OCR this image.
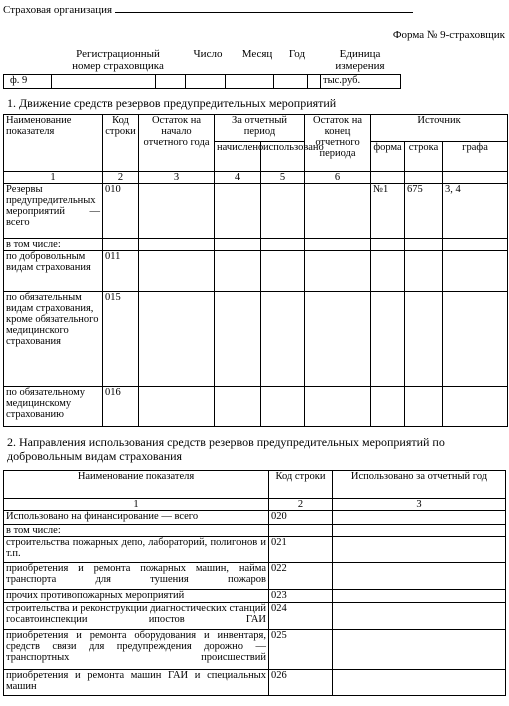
Страховая организация
Форма № 9-страховщик
Регистрационный номер страховщика
Число	Месяц	Год	Единица измерения
ф. 9							тыс.руб.
1. Движение средств резервов предупредительных мероприятий
Наименование показателя	Код строки	Остаток на начало отчетного года	За отчетный период		Остаток на конец отчетного периода	Источник		
			начислено	использовано		форма	строка	графа
1	2	3	4	5	6			
Резервы предупредительных мероприятий — всего	010					№1	675	3, 4
в том числе:								
по добровольным видам страхования	011							
по обязательным видам страхования, кроме обязательного медицинского страхования	015							
по обязательному медицинскому страхованию	016							
2. Направления использования средств резервов предупредительных мероприятий по
добровольным видам страхования
Наименование показателя	Код строки	Использовано за отчетный год
1	2	3
Использовано на финансирование — всего	020	
в том числе:		
строительства пожарных депо, лабораторий, полигонов и т.п.	021	
приобретения и ремонта пожарных машин, найма транспорта для тушения пожаров	022	
прочих противопожарных мероприятий	023	
строительства и реконструкции диагностических станций госавтоинспекции ипостов ГАИ	024	
приобретения и ремонта оборудования и инвентаря, средств связи для предупреждения дорожно — транспортных происшествий	025	
приобретения и ремонта машин ГАИ и специальных машин	026	
